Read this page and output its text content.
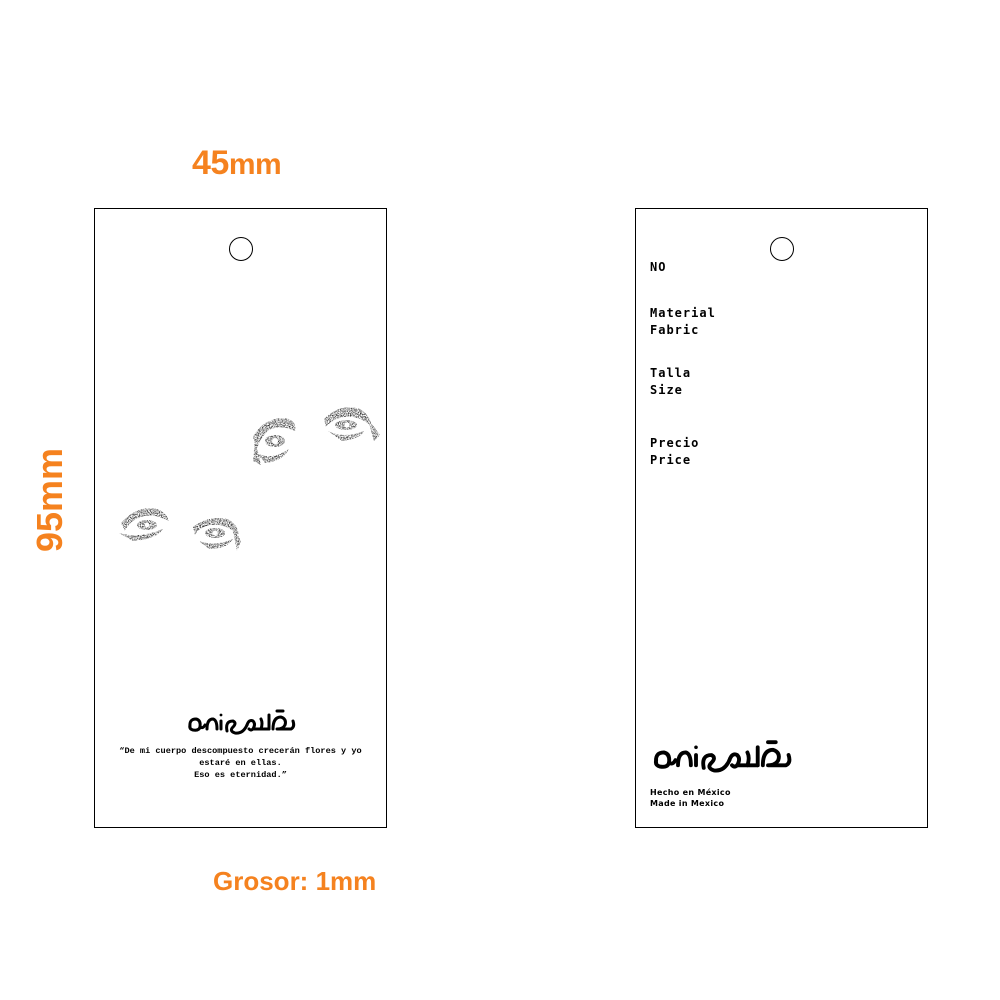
45mm
95mm
Grosor: 1mm
“De mi cuerpo descompuesto crecerán flores y yo
estaré en ellas.
Eso es eternidad.”
NO
Material
Fabric
Talla
Size
Precio
Price
Hecho en México
Made in Mexico
